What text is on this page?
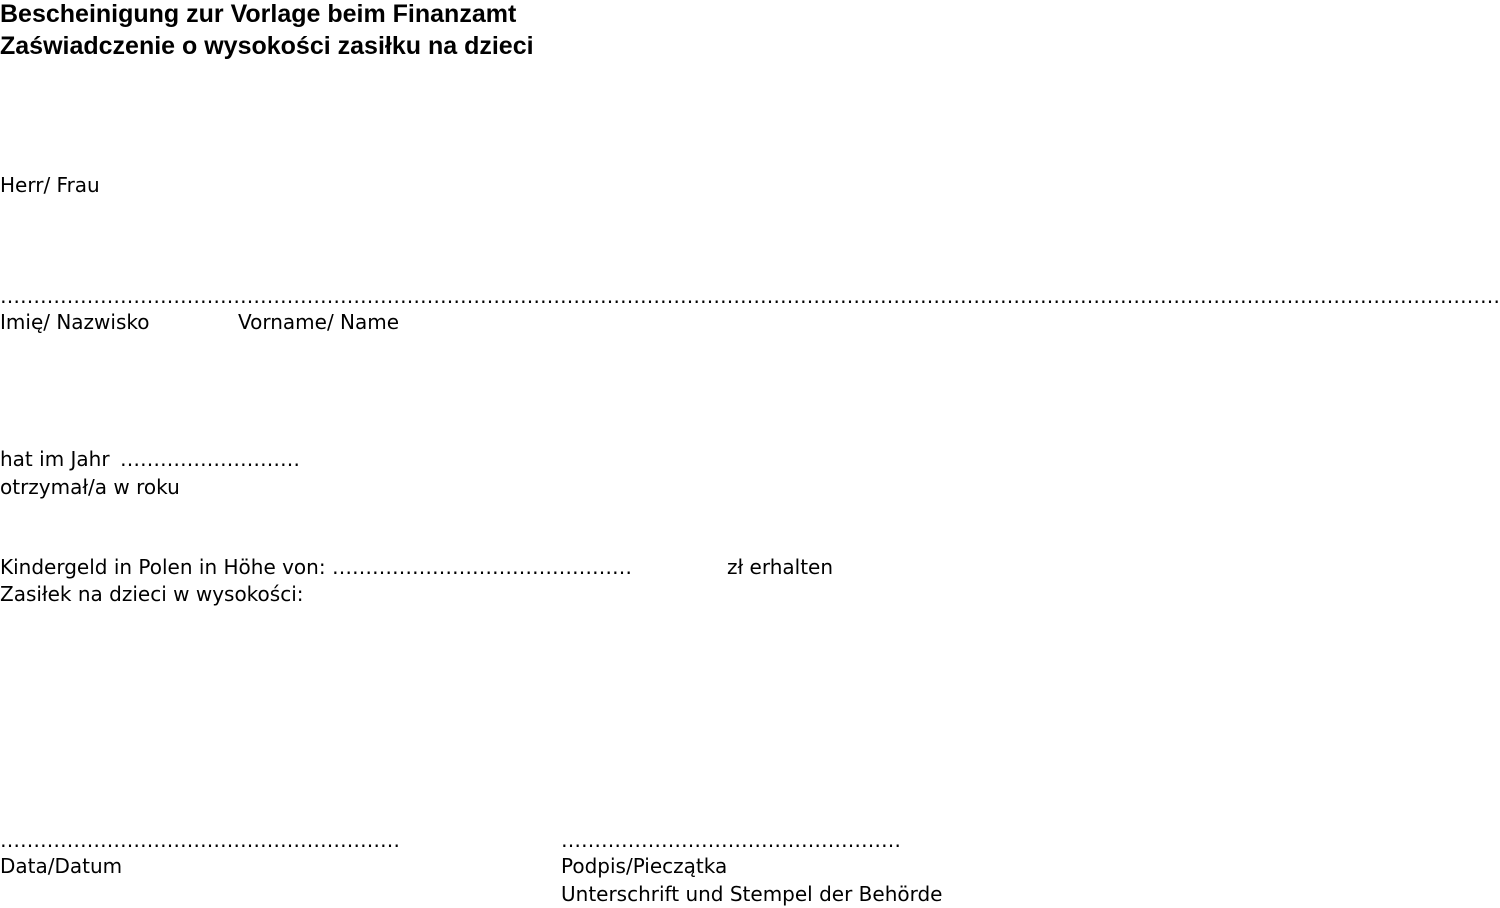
Bescheinigung zur Vorlage beim Finanzamt
Zaświadczenie o wysokości zasiłku na dzieci
Herr/ Frau
………………………………………………………………………………………………………………………………………………………………………………………………………
Imię/ Nazwisko	Vorname/ Name
hat im Jahr ………………………
otrzymał/a w roku
Kindergeld in Polen in Höhe von: ………………………………………	zł erhalten
Zasiłek na dzieci w wysokości:
……………………………………………………
Data/Datum
……………………………………………
Podpis/Pieczątka
Unterschrift und Stempel der Behörde
